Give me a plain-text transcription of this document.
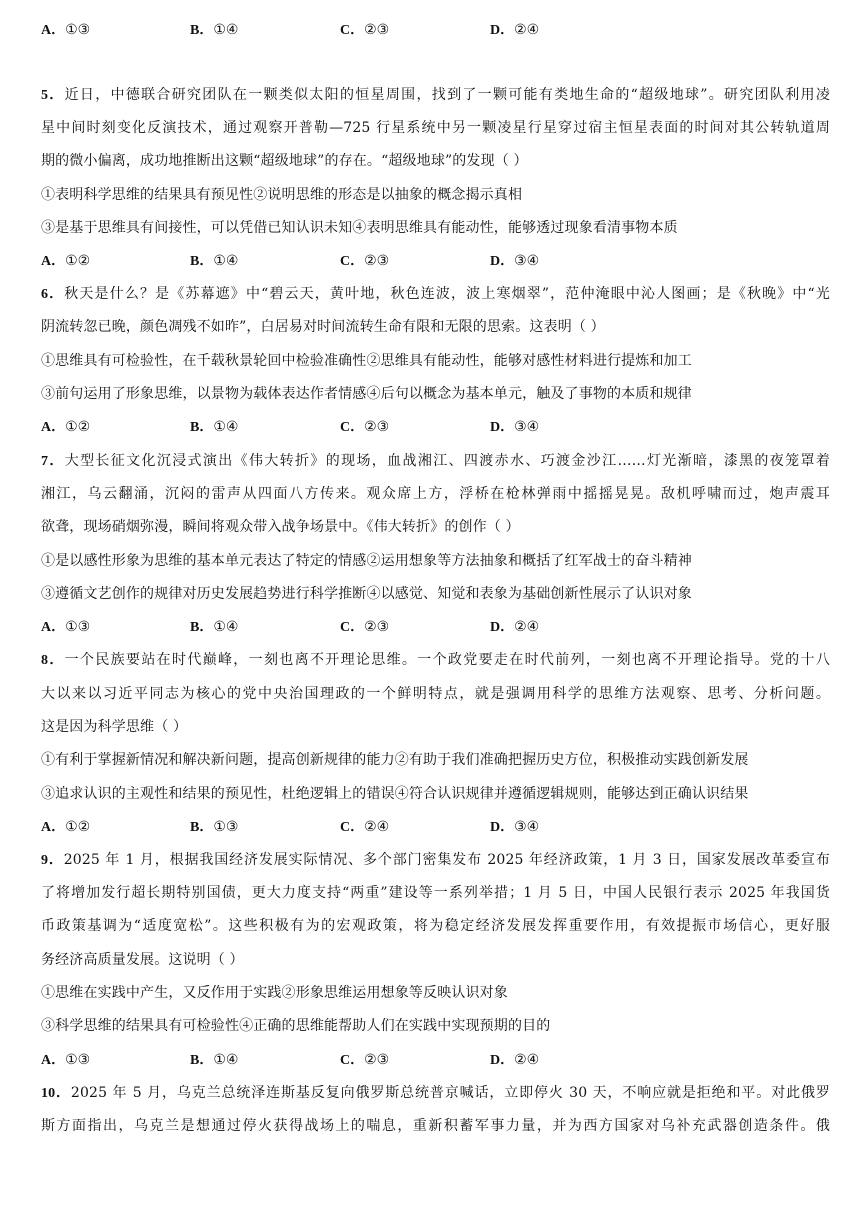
A．①③	B．①④	C．②③	D．②④
5．近日，中德联合研究团队在一颗类似太阳的恒星周围，找到了一颗可能有类地生命的“超级地球”。研究团队利用凌
星中间时刻变化反演技术，通过观察开普勒—725 行星系统中另一颗凌星行星穿过宿主恒星表面的时间对其公转轨道周
期的微小偏离，成功地推断出这颗“超级地球”的存在。“超级地球”的发现（ ）
①表明科学思维的结果具有预见性②说明思维的形态是以抽象的概念揭示真相
③是基于思维具有间接性，可以凭借已知认识未知④表明思维具有能动性，能够透过现象看清事物本质
A．①②	B．①④	C．②③	D．③④
6．秋天是什么？是《苏幕遮》中“碧云天，黄叶地，秋色连波，波上寒烟翠”，范仲淹眼中沁人图画；是《秋晚》中“光
阴流转忽已晚，颜色凋残不如昨”，白居易对时间流转生命有限和无限的思索。这表明（ ）
①思维具有可检验性，在千载秋景轮回中检验准确性②思维具有能动性，能够对感性材料进行提炼和加工
③前句运用了形象思维，以景物为载体表达作者情感④后句以概念为基本单元，触及了事物的本质和规律
A．①②	B．①④	C．②③	D．③④
7．大型长征文化沉浸式演出《伟大转折》的现场，血战湘江、四渡赤水、巧渡金沙江……灯光渐暗，漆黑的夜笼罩着
湘江，乌云翻涌，沉闷的雷声从四面八方传来。观众席上方，浮桥在枪林弹雨中摇摇晃晃。敌机呼啸而过，炮声震耳
欲聋，现场硝烟弥漫，瞬间将观众带入战争场景中。《伟大转折》的创作（ ）
①是以感性形象为思维的基本单元表达了特定的情感②运用想象等方法抽象和概括了红军战士的奋斗精神
③遵循文艺创作的规律对历史发展趋势进行科学推断④以感觉、知觉和表象为基础创新性展示了认识对象
A．①③	B．①④	C．②③	D．②④
8．一个民族要站在时代巅峰，一刻也离不开理论思维。一个政党要走在时代前列，一刻也离不开理论指导。党的十八
大以来以习近平同志为核心的党中央治国理政的一个鲜明特点，就是强调用科学的思维方法观察、思考、分析问题。
这是因为科学思维（ ）
①有利于掌握新情况和解决新问题，提高创新规律的能力②有助于我们准确把握历史方位，积极推动实践创新发展
③追求认识的主观性和结果的预见性，杜绝逻辑上的错误④符合认识规律并遵循逻辑规则，能够达到正确认识结果
A．①②	B．①③	C．②④	D．③④
9．2025 年 1 月，根据我国经济发展实际情况、多个部门密集发布 2025 年经济政策，1 月 3 日，国家发展改革委宣布
了将增加发行超长期特别国债，更大力度支持“两重”建设等一系列举措；1 月 5 日，中国人民银行表示 2025 年我国货
币政策基调为“适度宽松”。这些积极有为的宏观政策，将为稳定经济发展发挥重要作用，有效提振市场信心，更好服
务经济高质量发展。这说明（ ）
①思维在实践中产生，又反作用于实践②形象思维运用想象等反映认识对象
③科学思维的结果具有可检验性④正确的思维能帮助人们在实践中实现预期的目的
A．①③	B．①④	C．②③	D．②④
10．2025 年 5 月，乌克兰总统泽连斯基反复向俄罗斯总统普京喊话，立即停火 30 天，不响应就是拒绝和平。对此俄罗
斯方面指出，乌克兰是想通过停火获得战场上的喘息，重新积蓄军事力量，并为西方国家对乌补充武器创造条件。俄
